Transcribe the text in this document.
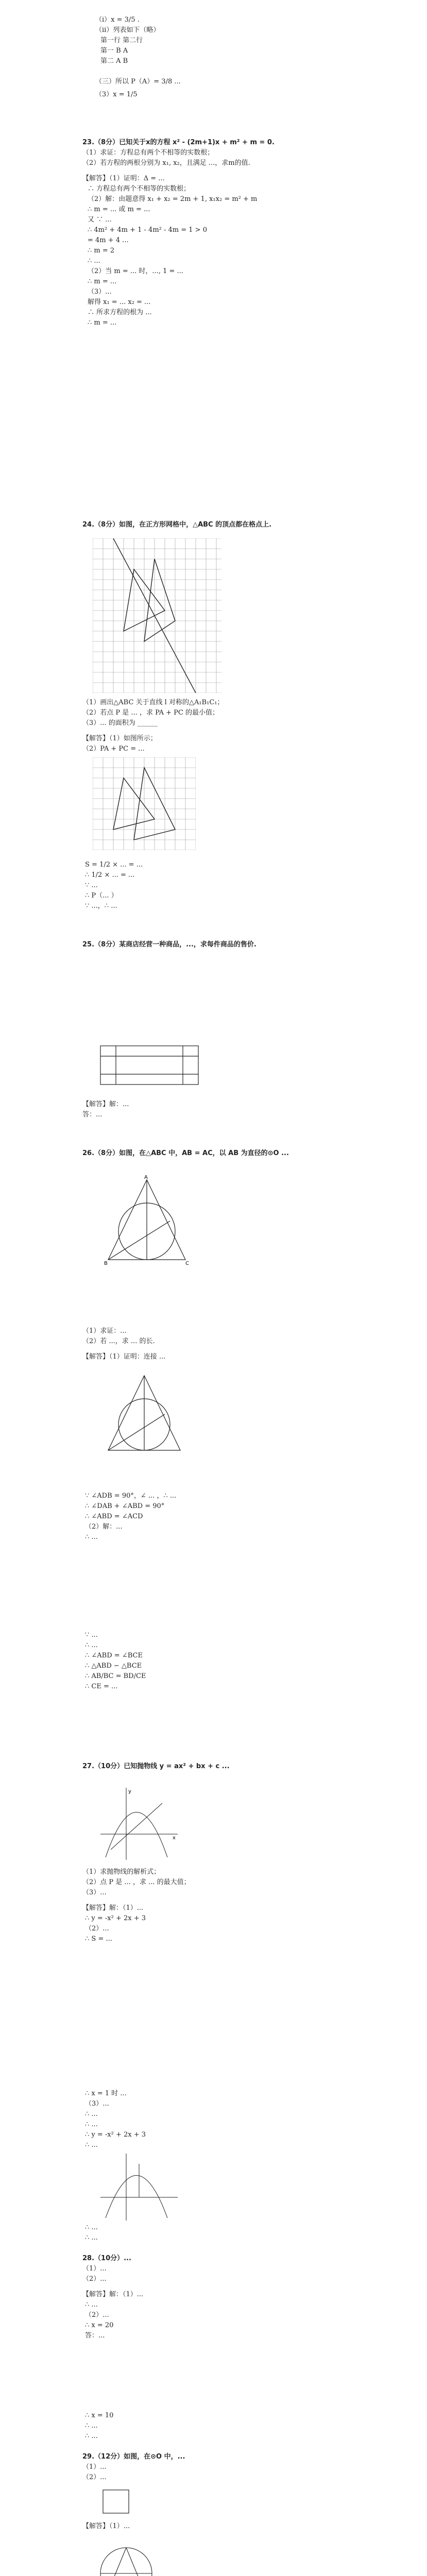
（ⅰ）x = 3/5 .
（ⅱ）列表如下（略）
第一行 第二行
第一 B A
第二 A B
（三）所以 P（A）= 3/8 ...
（3）x = 1/5
23.（8分）已知关于x的方程 x² - (2m+1)x + m² + m = 0.
（1）求证：方程总有两个不相等的实数根；
（2）若方程的两根分别为 x₁, x₂，且满足 ...，求m的值.
【解答】（1）证明：Δ = ...
∴ 方程总有两个不相等的实数根；
（2）解：由题意得 x₁ + x₂ = 2m + 1, x₁x₂ = m² + m
∴ m = ... 或 m = ...
又 ∵ ...
∴ 4m² + 4m + 1 - 4m² - 4m = 1 > 0
= 4m + 4 ...
∴ m = 2
∴ ...
（2）当 m = ... 时，..., 1 = ...
∴ m = ...
（3）...
解得 x₁ = ... x₂ = ...
∴ 所求方程的根为 ...
∴ m = ...
24.（8分）如图，在正方形网格中，△ABC 的顶点都在格点上.
（1）画出△ABC 关于直线 l 对称的△A₁B₁C₁；
（2）若点 P 是 ... ，求 PA + PC 的最小值；
（3）... 的面积为 ______
【解答】（1）如图所示；
（2）PA + PC = ...
S = 1/2 × ... = ...
∴ 1/2 × ... = ...
∵ ...
∴ P（... ）
∵ ...，∴ ...
25.（8分）某商店经营一种商品，...，求每件商品的售价.
【解答】解：...
答：...
26.（8分）如图，在△ABC 中，AB = AC，以 AB 为直径的⊙O ...
（1）求证：...
（2）若 ...，求 ... 的长.
【解答】（1）证明：连接 ...
∵ ∠ADB = 90°，∠ ... ，∴ ...
∴ ∠DAB + ∠ABD = 90°
∴ ∠ABD = ∠ACD
（2）解：...
∴ ...
∵ ...
∴ ...
∴ ∠ABD = ∠BCE
∴ △ABD ∽ △BCE
∴ AB/BC = BD/CE
∴ CE = ...
27.（10分）已知抛物线 y = ax² + bx + c ...
（1）求抛物线的解析式；
（2）点 P 是 ... ，求 ... 的最大值；
（3）...
【解答】解：（1）...
∴ y = -x² + 2x + 3
（2）...
∴ S = ...
∴ x = 1 时 ...
（3）...
∴ ...
∴ ...
∴ y = -x² + 2x + 3
∴ ...
∴ ...
∴ ...
28.（10分）...
（1）...
（2）...
【解答】解：（1）...
∴ ...
（2）...
∴ x = 20
答：...
∴ x = 10
∴ ...
∴ ...
29.（12分）如图，在⊙O 中，...
（1）...
（2）...
【解答】（1）...
A
B	C
x
y
